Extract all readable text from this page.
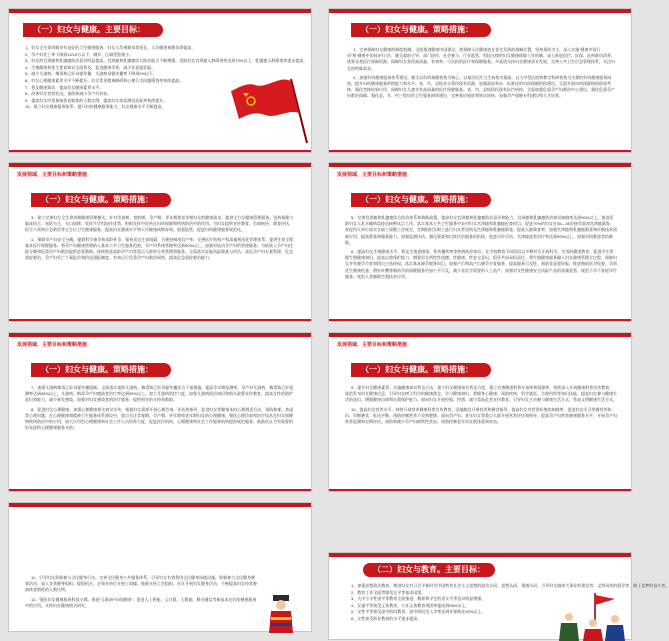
（一）妇女与健康。主要目标：
1、妇女全生命周期享有良好的卫生健康服务，妇女人均预期寿命延长，人均健康预期寿命提高。
2、孕产妇死亡率下降到12/10万以下，城乡、区域差距缩小。
3、妇女的宫颈癌和乳腺癌防治意识明显提高。宫颈癌和乳腺癌综合防治能力不断增强。适龄妇女宫颈癌人群筛查率达到70%以上，乳腺癌人群筛查率逐步提高。
4、生殖健康和优生优育知识全面普及，促进健康孕育，减少非意愿妊娠。
5、减少艾滋病、梅毒和乙肝母婴传播，艾滋病母婴传播率下降到2%以下。
6、妇女心理健康素养水平不断提升。妇女常见精神障碍和心理行为问题筛查率持续提高。
7、普及健康知识，提高妇女健康素养水平。
8、改善妇女营养状况，预防和减少孕产妇贫血。
9、提高妇女经常参加体育锻炼的人数比例，提高妇女体质测试达标率持续提升。
10、建立妇女健康服务体系，提升妇幼健康服务能力，妇女健康水平不断提高。
（一）妇女与健康。策略措施：

1、完善保障妇女健康的制度机制。全面推进健康中国建设，把保障人民健康放在优先发展的战略位置，坚持预防为主，深入实施“健康中国行动”和“健康中国母亲行动”，健全政府主导、部门协作、社会参与、行业监管、科技支撑的妇女健康保障工作机制。深入推进医疗、医保、医药联动改革，统筹各类医疗保障资源，保障妇女获得高质量、有效率、可负担的医疗和保健服务。多渠道支持妇女健康事业发展，完善公共卫生应急管理体系，关注妇女的特殊需求。

2、加强妇幼健康服务体系建设。健全以妇幼保健机构为核心、以基层医疗卫生机构为基础、以大中型医院和教学科研机构为支撑的妇幼健康服务网络，提升妇幼健康服务供给能力和水平。省、市、县级充分利用现有资源，加强政府举办、标准化的妇幼保健机构建设，全面开展妇幼保健机构绩效考核，强化考核结果应用，保障妇女儿童享有高质量的医疗保健服务。省、市、县级依托现有医疗机构，全面加强危重孕产妇救治中心建设，强化危重孕产妇救治保障。强化县、乡、村三级妇幼卫生服务网络建设，完善基层网底和转诊网络。加强孕产保健专科建设和人才培养。

发展领域、主要目标和策略措施
（一）妇女与健康。策略措施：

3、建立完善妇女全生命周期健康管理模式。针对青春期、育龄期、孕产期、更年期和老年期妇女的健康需求，提供全方位健康管理服务。坚持保健与临床结合，预防为主、关口前移，发挥多学科协作优势，积极发挥中医药在妇幼保健和疾病防治中的作用。为妇女提供宣传教育、咨询指导、筛查评估、综合干预和应急救治等全方位卫生健康服务，提高妇女健康水平和人均健康预期寿命。加强监管，促进妇幼健康服务规范化。

4、保障孕产妇安全分娩。提倡科学备孕和适龄怀孕，保持适宜生育间隔，合理控制剖宫产率。完善医疗机构产科质量规范化管理体系。提供生育全程基本医疗保健服务，将孕产妇健康管理纳入基本公共卫生服务范围，孕产妇系统管理率达到90%以上。加强对流动孕产妇的管理服务。为低收入孕产妇住院分娩和危重孕产妇救治提供必要救助。持续推进高龄孕产妇等重点人群的分类管理和服务。全面落实妊娠风险筛查与评估、高危孕产妇专案管理、危急重症救治、孕产妇死亡个案报告和约谈通报制度。有效运行危重孕产妇救治网络，提高危急重症救治能力。

发展领域、主要目标和策略措施
（一）妇女与健康。策略措施：

5、完善宫颈癌和乳腺癌综合防治体系和救助政策。提高妇女宫颈癌和乳腺癌防治意识和能力，宫颈癌和乳腺癌防治知识知晓率达到90%以上。推进适龄妇女人乳头瘤病毒疫苗接种试点工作。落实基本公共卫生服务中农村妇女宫颈癌和乳腺癌检查项目，促进70%的妇女在35—45岁接受高效宫颈癌筛查，督促用人单位落实女职工保健工作规定，定期组织女职工进行妇女常见病及宫颈癌和乳腺癌筛查。提高人群筛查率，加强宫颈癌和乳腺癌筛查和诊断技术创新应用，提高筛查和服务能力，加强监测评估。强化筛查和后续诊治服务的衔接，促进早诊早治，宫颈癌患者治疗率达到90%以上。加强对困难患者的救助。

6、提高妇女生殖健康水平。普及生殖道感染、性传播疾病等疾病防控知识。在学校教育不同阶段以多种形式开展科学、实用的健康教育，促进学生掌握生殖健康知识，提高自我保护能力。增强男女两性性道德、性健康、性安全意识，倡导共同承担责任。将生殖健康服务融入妇女健康管理全过程，保障妇女享有避孕节育知情自主选择权。落实基本避孕服务项目，加强产后和流产后避孕节育服务，提高服务可及性，预防非意愿妊娠。推进婚前医学检查、孕前优生健康检查、增补叶酸等婚前孕前保健服务更加公平可及。减少非医学需要的人工流产。加强对女性健康安全风险产品的质量监管。规范不孕不育症诊疗服务。规范人类辅助生殖技术应用。

发展领域、主要目标和策略措施
（一）妇女与健康。策略措施：

7、加强艾滋病梅毒乙肝母婴传播阻断。全面落实预防艾滋病、梅毒和乙肝母婴传播综合干预措施，提高孕早期检测率，孕产妇艾滋病、梅毒和乙肝检测率达到98%以上，艾滋病、梅毒孕产妇感染者治疗率达到95%以上。加大艾滋病防控力度，加强艾滋病防治知识和相关政策宣传教育，提高女性的防护意识和能力，减少新发感染。加强对妇女感染者的医疗服务，提供相关的支持和救助。

8、促进妇女心理健康。加强心理健康相关知识宣传，根据妇女需要开展心理咨询、评估和指导，促进妇女掌握基本的心理调适方法，预防抑郁、焦虑等心理问题。在心理健康和精神卫生服务体系建设中，重点关注青春期、孕产期、更年期和老年期妇女的心理健康。强化心理咨询和治疗技术在妇女保健和疾病防治中的应用。加大应用型心理健康和社会工作人员培养力度，促进医疗机构、心理健康和社会工作服务机构提供规范服务。鼓励社区为有需要的妇女提供心理健康服务支持。

发展领域、主要目标和策略措施
（一）妇女与健康。策略措施：

9、提升妇女健康素养。实施健康知识普及行动，加大妇女健康知识普及力度，建立完善健康科普专家库和资源库，持续深入开展健康科普宣传教育，规范发布妇女健康信息，引导妇女树立科学的健康理念，学习健康知识，掌握身心健康、预防疾病、科学就医、合理用药等知识技能。提高妇女参与健康生活的意识，增强健康自律和自我保护能力。面向妇女开展控烟、控酒、减少毒品危害宣传教育。引导妇女主动参与健康生活方式，养成文明健康生活方式。

10、提高妇女营养水平。持续开展营养健康科普宣传教育，因地制宜开展营养和膳食指导，提高妇女对营养标签的知晓率，促进妇女学习掌握营养知识，均衡膳食、吃动平衡，预防控制营养不良和肥胖。面向孕产妇、老年妇女等重点人群开展营养评估和指导，提高孕产妇营养健康服务水平。开展孕产妇营养监测和定期评估，预防和减少孕产妇缺铁性贫血。预防控制老年妇女低体重和贫血。

11、引导妇女积极参与全民健身行动。完善全民健身公共服务体系。引导妇女有效利用全民健身场地设施，积极参与全民健身赛事活动，加入各类健身组织。提倡机关、企事业单位开展工间操。鼓励支持工会组织、社区开展妇女健身活动，不断提高妇女经常参加体育锻炼的人数比例。

12、强化妇女健康服务科技支撑。推进“互联网+妇幼健康”，促进人工智能、云计算、大数据、移动通信等新技术在妇幼健康服务中的应用，支持妇女健康相关研究。

（二）妇女与教育。主要目标：
1、加强思想政治教育，增进妇女对习近平新时代中国特色社会主义思想的政治认同、思想认同、情感认同，引导妇女做伟大事业的建设者、文明风尚的倡导者、敢于追梦的奋斗者。
2、教育工作全面贯彻男女平等基本国策。
3、大中小学性别平等教育全面推进，教师和学生的男女平等意识明显增强。
4、女童平等接受义务教育，九年义务教育巩固率提高到96%以上。
5、女性平等接受高中阶段教育，高中阶段毛入学率达到并保持在92%以上。
6、女性接受职业教育的水平逐步提高。
